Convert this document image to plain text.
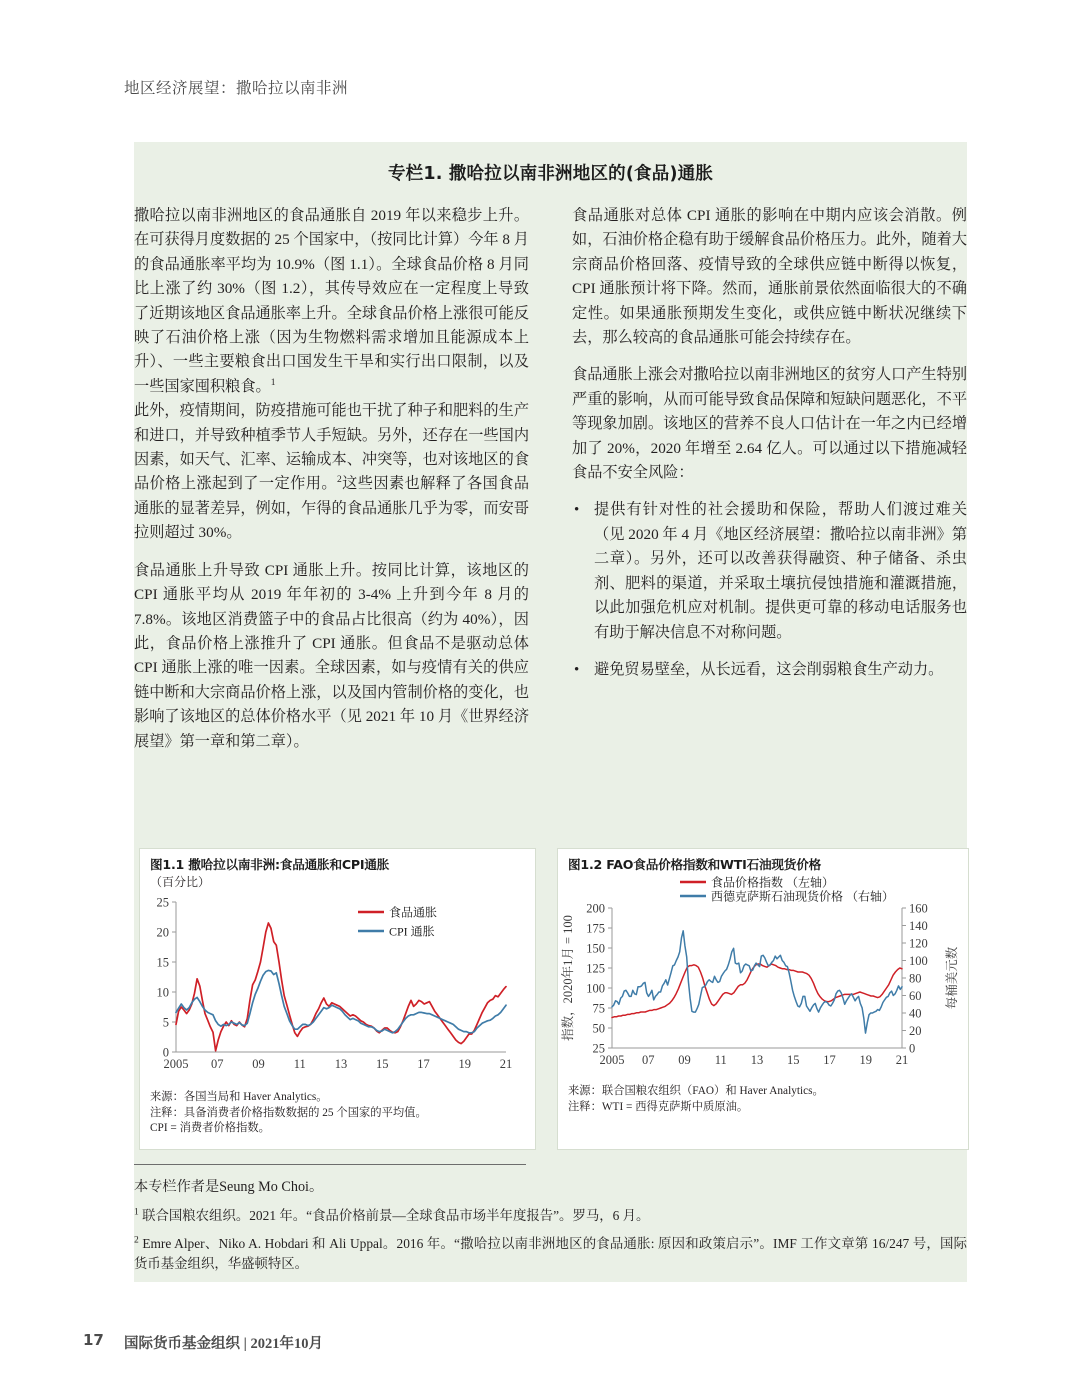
地区经济展望：撒哈拉以南非洲
专栏1. 撒哈拉以南非洲地区的(食品)通胀

撒哈拉以南非洲地区的食品通胀自 2019 年以来稳步上升。在可获得月度数据的 25 个国家中，（按同比计算）今年 8 月的食品通胀率平均为 10.9%（图 1.1）。全球食品价格 8 月同比上涨了约 30%（图 1.2），其传导效应在一定程度上导致了近期该地区食品通胀率上升。全球食品价格上涨很可能反映了石油价格上涨（因为生物燃料需求增加且能源成本上升）、一些主要粮食出口国发生干旱和实行出口限制，以及一些国家囤积粮食。$^1$

此外，疫情期间，防疫措施可能也干扰了种子和肥料的生产和进口，并导致种植季节人手短缺。另外，还存在一些国内因素，如天气、汇率、运输成本、冲突等，也对该地区的食品价格上涨起到了一定作用。$^2$这些因素也解释了各国食品通胀的显著差异，例如，乍得的食品通胀几乎为零，而安哥拉则超过 30%。

食品通胀上升导致 CPI 通胀上升。按同比计算，该地区的 CPI 通胀平均从 2019 年年初的 3-4% 上升到今年 8 月的 7.8%。该地区消费篮子中的食品占比很高（约为 40%），因此，食品价格上涨推升了 CPI 通胀。但食品不是驱动总体 CPI 通胀上涨的唯一因素。全球因素，如与疫情有关的供应链中断和大宗商品价格上涨，以及国内管制价格的变化，也影响了该地区的总体价格水平（见 2021 年 10 月《世界经济展望》第一章和第二章）。

食品通胀对总体 CPI 通胀的影响在中期内应该会消散。例如，石油价格企稳有助于缓解食品价格压力。此外，随着大宗商品价格回落、疫情导致的全球供应链中断得以恢复，CPI 通胀预计将下降。然而，通胀前景依然面临很大的不确定性。如果通胀预期发生变化，或供应链中断状况继续下去，那么较高的食品通胀可能会持续存在。

食品通胀上涨会对撒哈拉以南非洲地区的贫穷人口产生特别严重的影响，从而可能导致食品保障和短缺问题恶化，不平等现象加剧。该地区的营养不良人口估计在一年之内已经增加了 20%，2020 年增至 2.64 亿人。可以通过以下措施减轻食品不安全风险：

• 提供有针对性的社会援助和保险，帮助人们渡过难关（见 2020 年 4 月《地区经济展望：撒哈拉以南非洲》第二章）。另外，还可以改善获得融资、种子储备、杀虫剂、肥料的渠道，并采取土壤抗侵蚀措施和灌溉措施，以此加强危机应对机制。提供更可靠的移动电话服务也有助于解决信息不对称问题。

• 避免贸易壁垒，从长远看，这会削弱粮食生产动力。

图1.1 撒哈拉以南非洲:食品通胀和CPI通胀
（百分比）
0
5
10
15
20
25
2005 07 09 11 13 15 17 19 21
食品通胀
CPI 通胀
来源：各国当局和 Haver Analytics。
注释：具备消费者价格指数数据的 25 个国家的平均值。
CPI = 消费者价格指数。
图1.2 FAO食品价格指数和WTI石油现货价格
25
50
75
100
125
150
175
200
0
20
40
60
80
100
120
140
160
2005 07 09 11 13 15 17 19 21
食品价格指数 （左轴）
西德克萨斯石油现货价格 （右轴）
指数，2020年1月 = 100	每桶美元数
来源：联合国粮农组织（FAO）和 Haver Analytics。
注释：WTI = 西得克萨斯中质原油。
本专栏作者是Seung Mo Choi。
$^1$ 联合国粮农组织。2021 年。“食品价格前景—全球食品市场半年度报告”。罗马，6 月。
$^2$ Emre Alper、Niko A. Hobdari 和 Ali Uppal。2016 年。“撒哈拉以南非洲地区的食品通胀: 原因和政策启示”。IMF 工作文章第 16/247 号，国际货币基金组织，华盛顿特区。
17 国际货币基金组织 | 2021年10月
